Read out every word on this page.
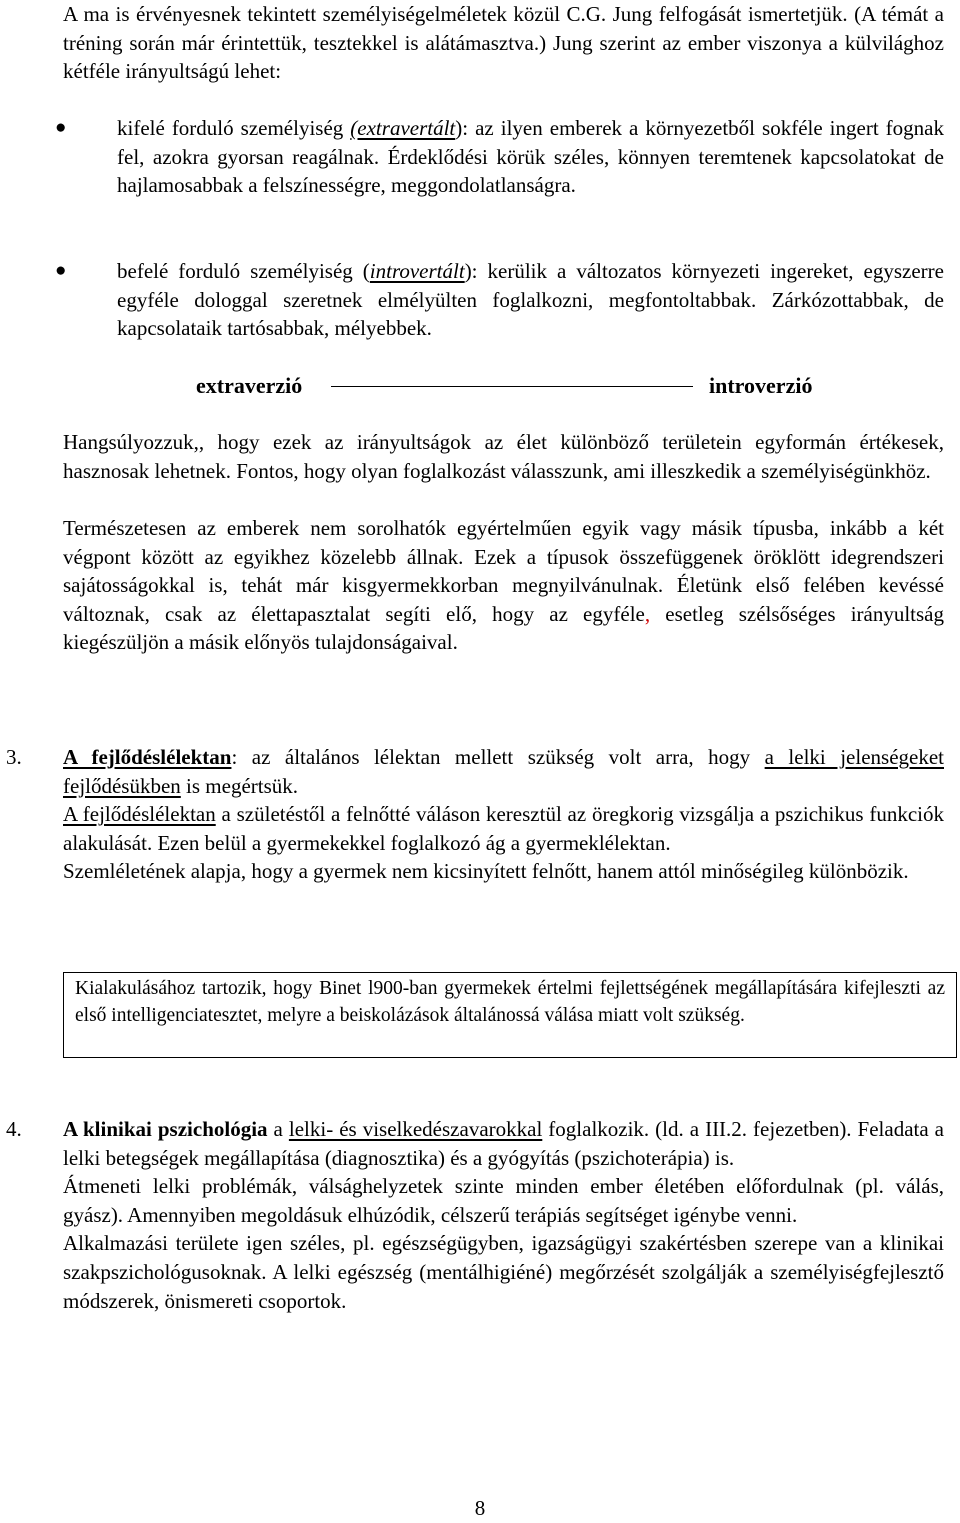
A ma is érvényesnek tekintett személyiségelméletek közül C.G. Jung felfogását ismertetjük. (A témát a tréning során már érintettük, tesztekkel is alátámasztva.) Jung szerint az ember viszonya a külvilághoz kétféle irányultságú lehet:

● kifelé forduló személyiség (extravertált): az ilyen emberek a környezetből sokféle ingert fognak fel, azokra gyorsan reagálnak. Érdeklődési körük széles, könnyen teremtenek kapcsolatokat de hajlamosabbak a felszínességre, meggondolatlanságra.

● befelé forduló személyiség (introvertált): kerülik a változatos környezeti ingereket, egyszerre egyféle dologgal szeretnek elmélyülten foglalkozni, megfontoltabbak. Zárkózottabbak, de kapcsolataik tartósabbak, mélyebbek.

extraverzió	introverzió

Hangsúlyozzuk,, hogy ezek az irányultságok az élet különböző területein egyformán értékesek, hasznosak lehetnek. Fontos, hogy olyan foglalkozást válasszunk, ami illeszkedik a személyiségünkhöz.

Természetesen az emberek nem sorolhatók egyértelműen egyik vagy másik típusba, inkább a két végpont között az egyikhez közelebb állnak. Ezek a típusok összefüggenek öröklött idegrendszeri sajátosságokkal is, tehát már kisgyermekkorban megnyilvánulnak. Életünk első felében kevéssé változnak, csak az élettapasztalat segíti elő, hogy az egyféle, esetleg szélsőséges irányultság kiegészüljön a másik előnyös tulajdonságaival.

3. A fejlődéslélektan: az általános lélektan mellett szükség volt arra, hogy a lelki jelenségeket fejlődésükben is megértsük.

A fejlődéslélektan a születéstől a felnőtté váláson keresztül az öregkorig vizsgálja a pszichikus funkciók alakulását. Ezen belül a gyermekekkel foglalkozó ág a gyermeklélektan.

Szemléletének alapja, hogy a gyermek nem kicsinyített felnőtt, hanem attól minőségileg különbözik.

Kialakulásához tartozik, hogy Binet l900-ban gyermekek értelmi fejlettségének megállapítására kifejleszti az első intelligenciatesztet, melyre a beiskolázások általánossá válása miatt volt szükség.

4. A klinikai pszichológia a lelki- és viselkedészavarokkal foglalkozik. (ld. a III.2. fejezetben). Feladata a lelki betegségek megállapítása (diagnosztika) és a gyógyítás (pszichoterápia) is.

Átmeneti lelki problémák, válsághelyzetek szinte minden ember életében előfordulnak (pl. válás, gyász). Amennyiben megoldásuk elhúzódik, célszerű terápiás segítséget igénybe venni.

Alkalmazási területe igen széles, pl. egészségügyben, igazságügyi szakértésben szerepe van a klinikai szakpszichológusoknak. A lelki egészség (mentálhigiéné) megőrzését szolgálják a személyiségfejlesztő módszerek, önismereti csoportok.

8
